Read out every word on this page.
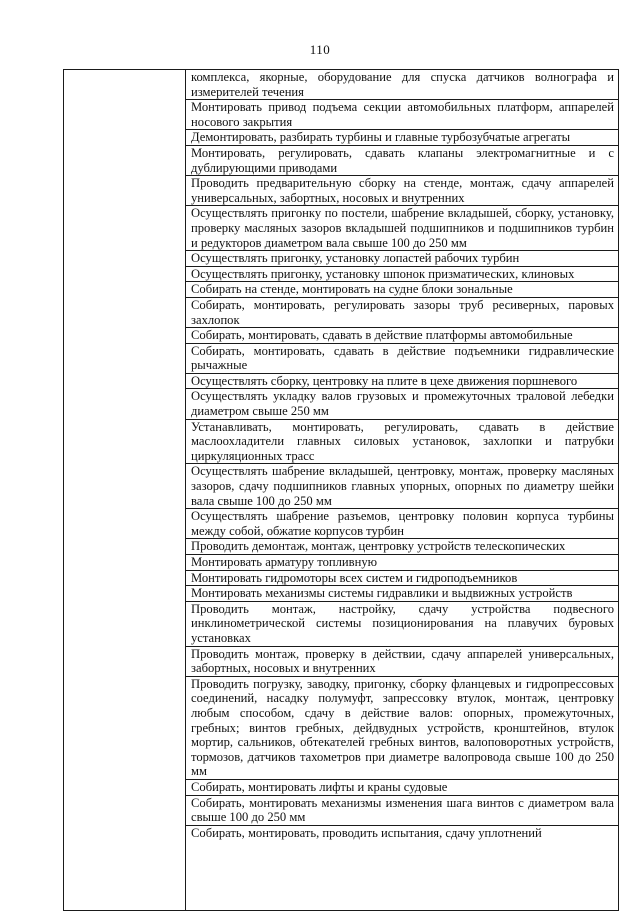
110

комплекса, якорные, оборудование для спуска датчиков волнографа и измерителей течения
Монтировать привод подъема секции автомобильных платформ, аппарелей носового закрытия
Демонтировать, разбирать турбины и главные турбозубчатые агрегаты
Монтировать, регулировать, сдавать клапаны электромагнитные и с дублирующими приводами
Проводить предварительную сборку на стенде, монтаж, сдачу аппарелей универсальных, забортных, носовых и внутренних
Осуществлять пригонку по постели, шабрение вкладышей, сборку, установку, проверку масляных зазоров вкладышей подшипников и подшипников турбин и редукторов диаметром вала свыше 100 до 250 мм
Осуществлять пригонку, установку лопастей рабочих турбин
Осуществлять пригонку, установку шпонок призматических, клиновых
Собирать на стенде, монтировать на судне блоки зональные
Собирать, монтировать, регулировать зазоры труб ресиверных, паровых захлопок
Собирать, монтировать, сдавать в действие платформы автомобильные
Собирать, монтировать, сдавать в действие подъемники гидравлические рычажные
Осуществлять сборку, центровку на плите в цехе движения поршневого
Осуществлять укладку валов грузовых и промежуточных траловой лебедки диаметром свыше 250 мм
Устанавливать, монтировать, регулировать, сдавать в действие маслоохладители главных силовых установок, захлопки и патрубки циркуляционных трасс
Осуществлять шабрение вкладышей, центровку, монтаж, проверку масляных зазоров, сдачу подшипников главных упорных, опорных по диаметру шейки вала свыше 100 до 250 мм
Осуществлять шабрение разъемов, центровку половин корпуса турбины между собой, обжатие корпусов турбин
Проводить демонтаж, монтаж, центровку устройств телескопических
Монтировать арматуру топливную
Монтировать гидромоторы всех систем и гидроподъемников
Монтировать механизмы системы гидравлики и выдвижных устройств
Проводить монтаж, настройку, сдачу устройства подвесного инклинометрической системы позиционирования на плавучих буровых установках
Проводить монтаж, проверку в действии, сдачу аппарелей универсальных, забортных, носовых и внутренних
Проводить погрузку, заводку, пригонку, сборку фланцевых и гидропрессовых соединений, насадку полумуфт, запрессовку втулок, монтаж, центровку любым способом, сдачу в действие валов: опорных, промежуточных, гребных; винтов гребных, дейдвудных устройств, кронштейнов, втулок мортир, сальников, обтекателей гребных винтов, валоповоротных устройств, тормозов, датчиков тахометров при диаметре валопровода свыше 100 до 250 мм
Собирать, монтировать лифты и краны судовые
Собирать, монтировать механизмы изменения шага винтов с диаметром вала свыше 100 до 250 мм
Собирать, монтировать, проводить испытания, сдачу уплотнений
